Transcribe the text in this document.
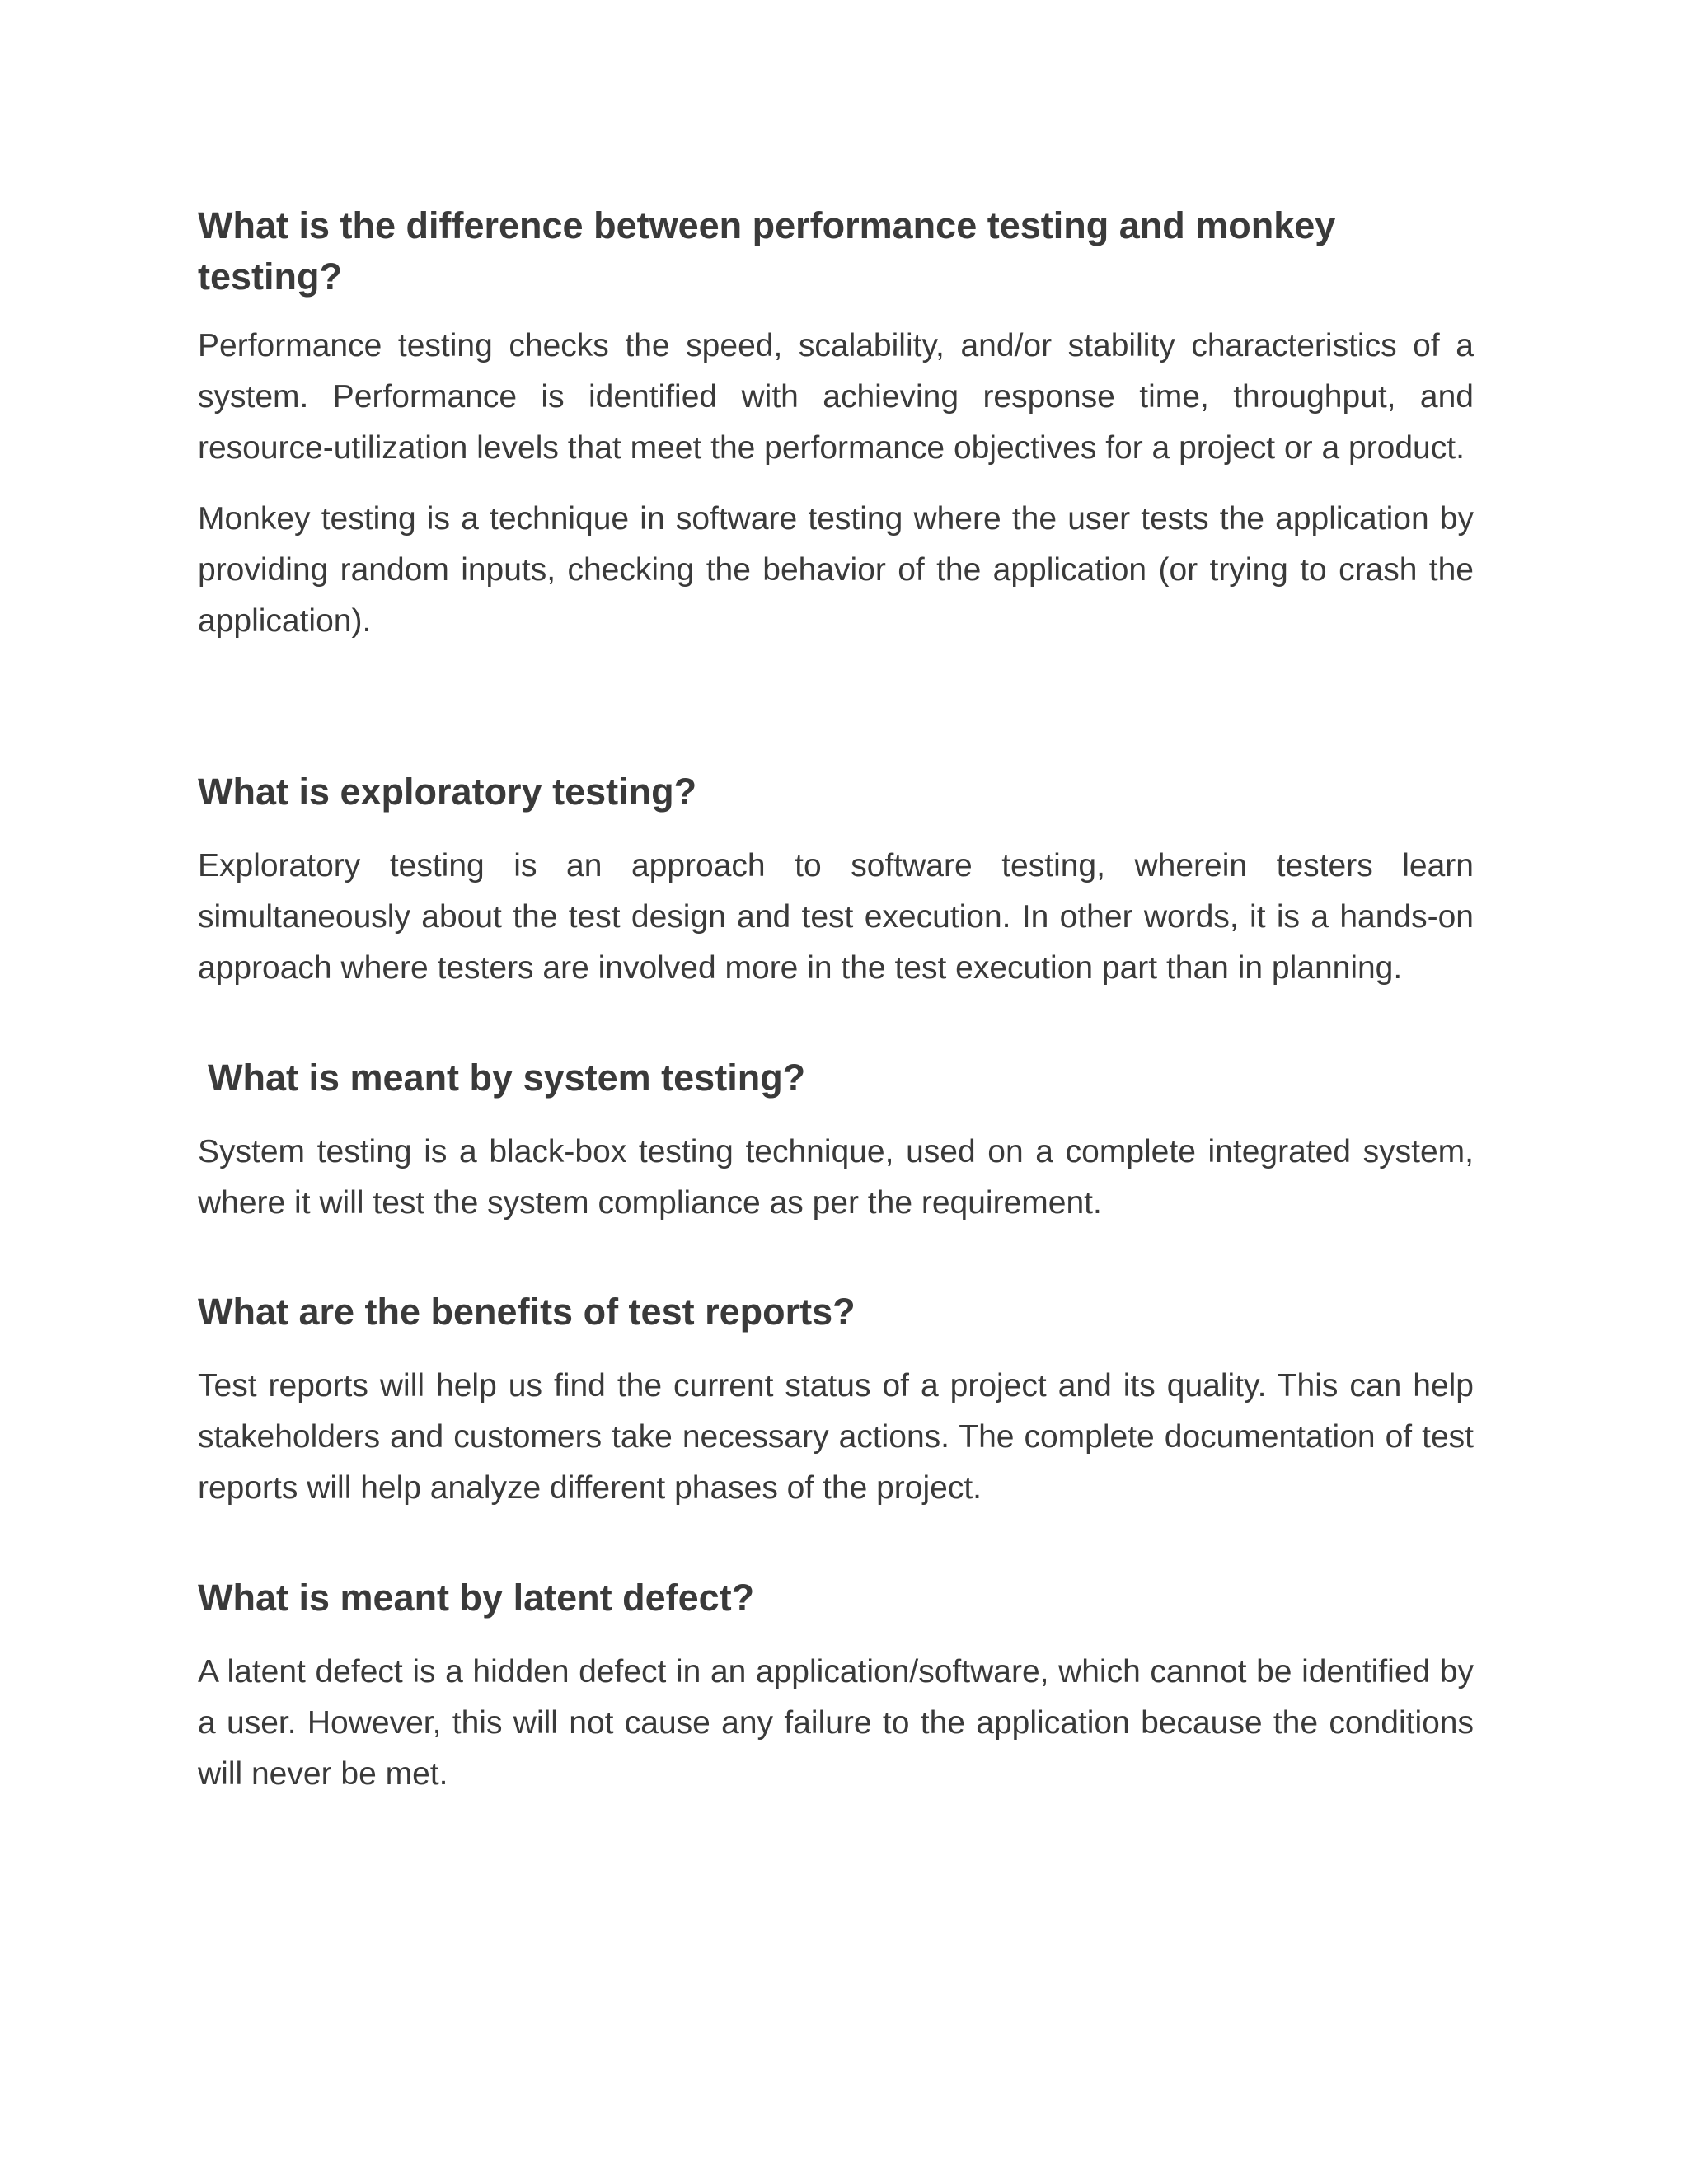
What is the difference between performance testing and monkey testing?

Performance testing checks the speed, scalability, and/or stability characteristics of a system. Performance is identified with achieving response time, throughput, and resource-utilization levels that meet the performance objectives for a project or a product.

Monkey testing is a technique in software testing where the user tests the application by providing random inputs, checking the behavior of the application (or trying to crash the application).

What is exploratory testing?

Exploratory testing is an approach to software testing, wherein testers learn simultaneously about the test design and test execution. In other words, it is a hands-on approach where testers are involved more in the test execution part than in planning.

What is meant by system testing?

System testing is a black-box testing technique, used on a complete integrated system, where it will test the system compliance as per the requirement.

What are the benefits of test reports?

Test reports will help us find the current status of a project and its quality. This can help stakeholders and customers take necessary actions. The complete documentation of test reports will help analyze different phases of the project.

What is meant by latent defect?

A latent defect is a hidden defect in an application/software, which cannot be identified by a user. However, this will not cause any failure to the application because the conditions will never be met.
